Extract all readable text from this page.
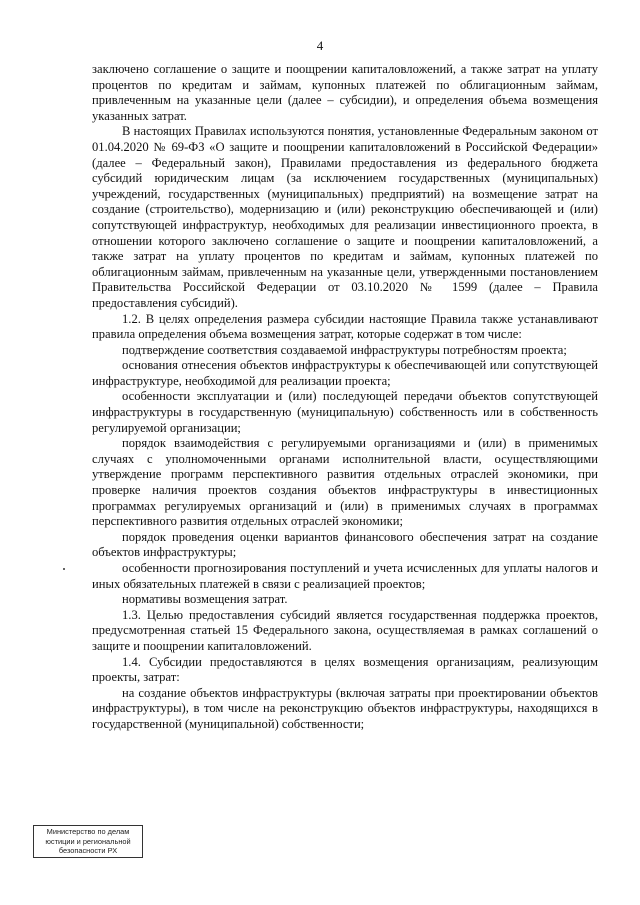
4

заключено соглашение о защите и поощрении капиталовложений, а также затрат на уплату процентов по кредитам и займам, купонных платежей по облигационным займам, привлеченным на указанные цели (далее – субсидии), и определения объема возмещения указанных затрат.

В настоящих Правилах используются понятия, установленные Федеральным законом от 01.04.2020 № 69-ФЗ «О защите и поощрении капиталовложений в Российской Федерации» (далее – Федеральный закон), Правилами предоставления из федерального бюджета субсидий юридическим лицам (за исключением государственных (муниципальных) учреждений, государственных (муниципальных) предприятий) на возмещение затрат на создание (строительство), модернизацию и (или) реконструкцию обеспечивающей и (или) сопутствующей инфраструктур, необходимых для реализации инвестиционного проекта, в отношении которого заключено соглашение о защите и поощрении капиталовложений, а также затрат на уплату процентов по кредитам и займам, купонных платежей по облигационным займам, привлеченным на указанные цели, утвержденными постановлением Правительства Российской Федерации от 03.10.2020 № 1599 (далее – Правила предоставления субсидий).

1.2. В целях определения размера субсидии настоящие Правила также устанавливают правила определения объема возмещения затрат, которые содержат в том числе:

подтверждение соответствия создаваемой инфраструктуры потребностям проекта;

основания отнесения объектов инфраструктуры к обеспечивающей или сопутствующей инфраструктуре, необходимой для реализации проекта;

особенности эксплуатации и (или) последующей передачи объектов сопутствующей инфраструктуры в государственную (муниципальную) собственность или в собственность регулируемой организации;

порядок взаимодействия с регулируемыми организациями и (или) в применимых случаях с уполномоченными органами исполнительной власти, осуществляющими утверждение программ перспективного развития отдельных отраслей экономики, при проверке наличия проектов создания объектов инфраструктуры в инвестиционных программах регулируемых организаций и (или) в применимых случаях в программах перспективного развития отдельных отраслей экономики;

порядок проведения оценки вариантов финансового обеспечения затрат на создание объектов инфраструктуры;

особенности прогнозирования поступлений и учета исчисленных для уплаты налогов и иных обязательных платежей в связи с реализацией проектов;

нормативы возмещения затрат.

1.3. Целью предоставления субсидий является государственная поддержка проектов, предусмотренная статьей 15 Федерального закона, осуществляемая в рамках соглашений о защите и поощрении капиталовложений.

1.4. Субсидии предоставляются в целях возмещения организациям, реализующим проекты, затрат:

на создание объектов инфраструктуры (включая затраты при проектировании объектов инфраструктуры), в том числе на реконструкцию объектов инфраструктуры, находящихся в государственной (муниципальной) собственности;

Министерство по делам
юстиции и региональной
безопасности РХ
